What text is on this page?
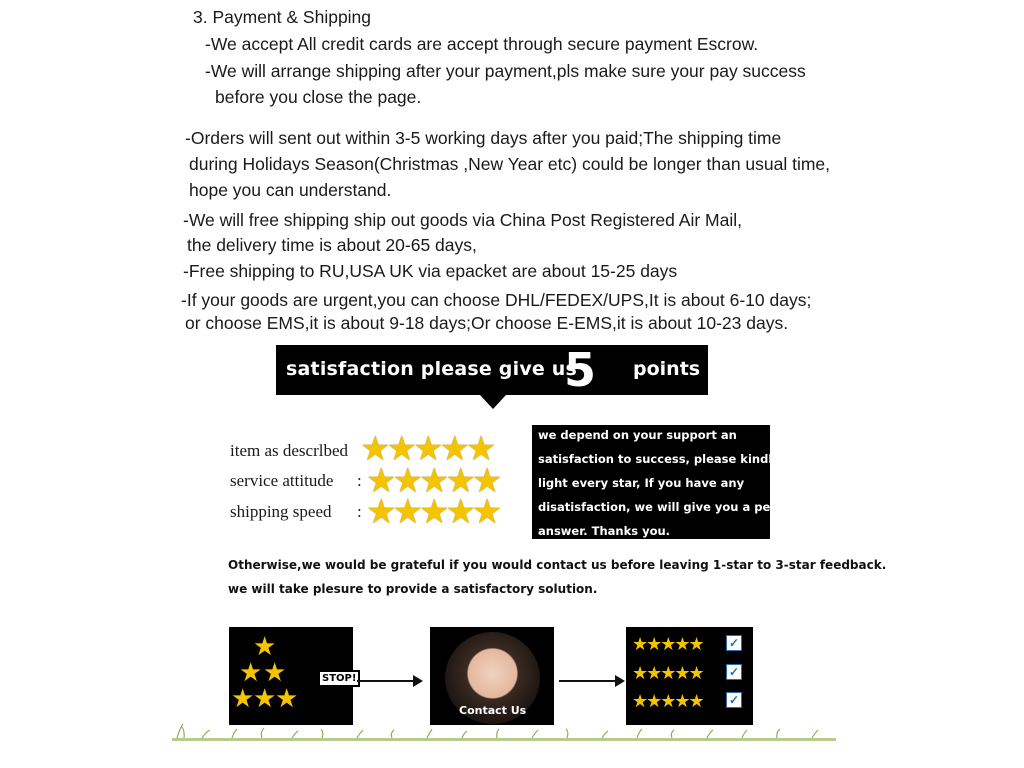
3. Payment & Shipping
-We accept All credit cards are accept through secure payment Escrow.
-We will arrange shipping after your payment,pls make sure your pay success
before you close the page.
-Orders will sent out within 3-5 working days after you paid;The shipping time
during Holidays Season(Christmas ,New Year etc) could be longer than usual time,
hope you can understand.
-We will free shipping ship out goods via China Post Registered Air Mail,
the delivery time is about 20-65 days,
-Free shipping to RU,USA UK via epacket are about 15-25 days
-If your goods are urgent,you can choose DHL/FEDEX/UPS,It is about 6-10 days;
or choose EMS,it is about 9-18 days;Or choose E-EMS,it is about 10-23 days.
satisfaction please give us
5 points
item as descrlbed ★★★★★
service attitude : ★★★★★
shipping speed : ★★★★★
we depend on your support an
satisfaction to success, please kindly
light every star, If you have any
disatisfaction, we will give you a perfect
answer. Thanks you.
Otherwise,we would be grateful if you would contact us before leaving 1-star to 3-star feedback.
we will take plesure to provide a satisfactory solution.
★
★ ★
★
★
★
STOP!
Contact Us
★★★★★ ✓
★★★★★ ✓
★★★★★ ✓
